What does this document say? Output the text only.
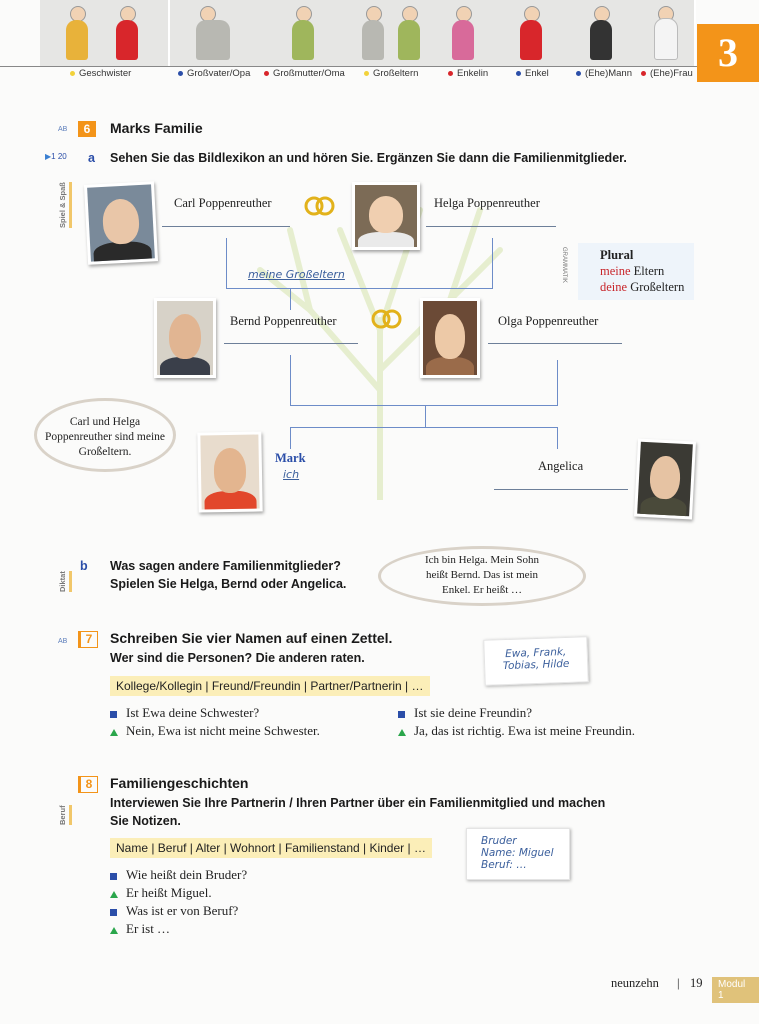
Geschwister	Großvater/Opa	Großmutter/Oma	Großeltern	Enkelin	Enkel	(Ehe)Mann	(Ehe)Frau 3
AB	6	Marks Familie
▶1 20 a Sehen Sie das Bildlexikon an und hören Sie. Ergänzen Sie dann die Familienmitglieder.
Spiel & Spaß	Carl Poppenreuther	Helga Poppenreuther
meine Großeltern	GRAMMATIK	Plural
meine Eltern
deine Großeltern
Bernd Poppenreuther	Olga Poppenreuther
Carl und Helga Poppenreuther sind meine Großeltern.	Mark
ich
Angelica
Diktat
b Was sagen andere Familienmitglieder?
Spielen Sie Helga, Bernd oder Angelica.
Ich bin Helga. Mein Sohn heißt Bernd. Das ist mein Enkel. Er heißt …
AB	7	Schreiben Sie vier Namen auf einen Zettel.
Wer sind die Personen? Die anderen raten.
Kollege/Kollegin | Freund/Freundin | Partner/Partnerin | …
Ewa, Frank, Tobias, Hilde
Ist Ewa deine Schwester?
Nein, Ewa ist nicht meine Schwester.
Ist sie deine Freundin?
Ja, das ist richtig. Ewa ist meine Freundin.
8	Familiengeschichten
Beruf
Interviewen Sie Ihre Partnerin / Ihren Partner über ein Familienmitglied und machen
Sie Notizen.
Name | Beruf | Alter | Wohnort | Familienstand | Kinder | …	Bruder
Name: Miguel
Beruf: …
Wie heißt dein Bruder?
Er heißt Miguel.
Was ist er von Beruf?
Er ist …
neunzehn | 19	Modul 1
